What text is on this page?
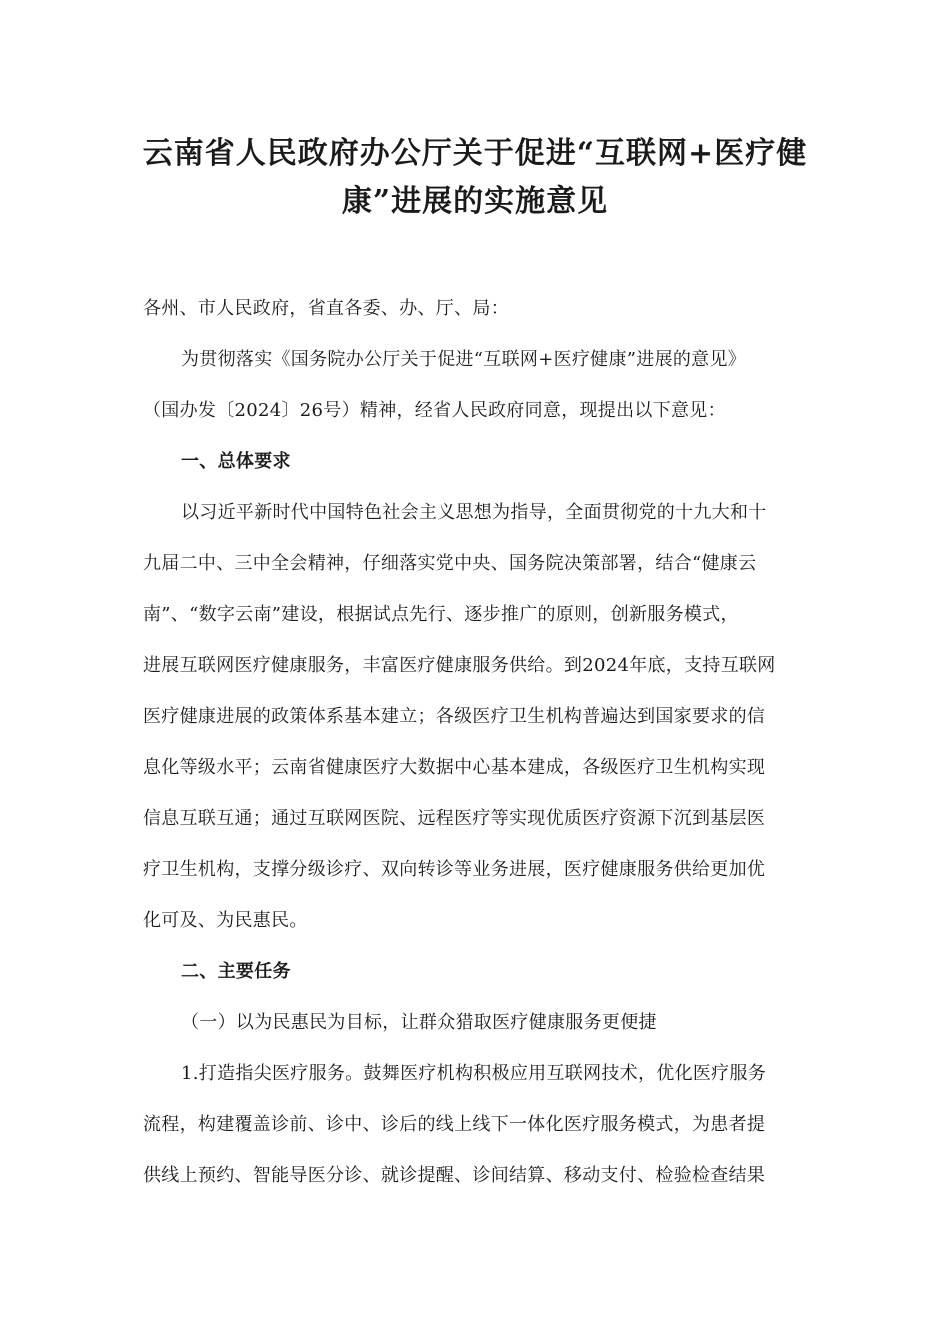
云南省人民政府办公厅关于促进“互联网+医疗健
康”进展的实施意见

各州、市人民政府，省直各委、办、厅、局：

为贯彻落实《国务院办公厅关于促进“互联网+医疗健康”进展的意见》
（国办发〔2024〕26号）精神，经省人民政府同意，现提出以下意见：

一、总体要求

以习近平新时代中国特色社会主义思想为指导，全面贯彻党的十九大和十
九届二中、三中全会精神，仔细落实党中央、国务院决策部署，结合“健康云
南”、“数字云南”建设，根据试点先行、逐步推广的原则，创新服务模式，
进展互联网医疗健康服务，丰富医疗健康服务供给。到2024年底，支持互联网
医疗健康进展的政策体系基本建立；各级医疗卫生机构普遍达到国家要求的信
息化等级水平；云南省健康医疗大数据中心基本建成，各级医疗卫生机构实现
信息互联互通；通过互联网医院、远程医疗等实现优质医疗资源下沉到基层医
疗卫生机构，支撑分级诊疗、双向转诊等业务进展，医疗健康服务供给更加优
化可及、为民惠民。

二、主要任务

（一）以为民惠民为目标，让群众猎取医疗健康服务更便捷

1.打造指尖医疗服务。鼓舞医疗机构积极应用互联网技术，优化医疗服务
流程，构建覆盖诊前、诊中、诊后的线上线下一体化医疗服务模式，为患者提
供线上预约、智能导医分诊、就诊提醒、诊间结算、移动支付、检验检查结果
